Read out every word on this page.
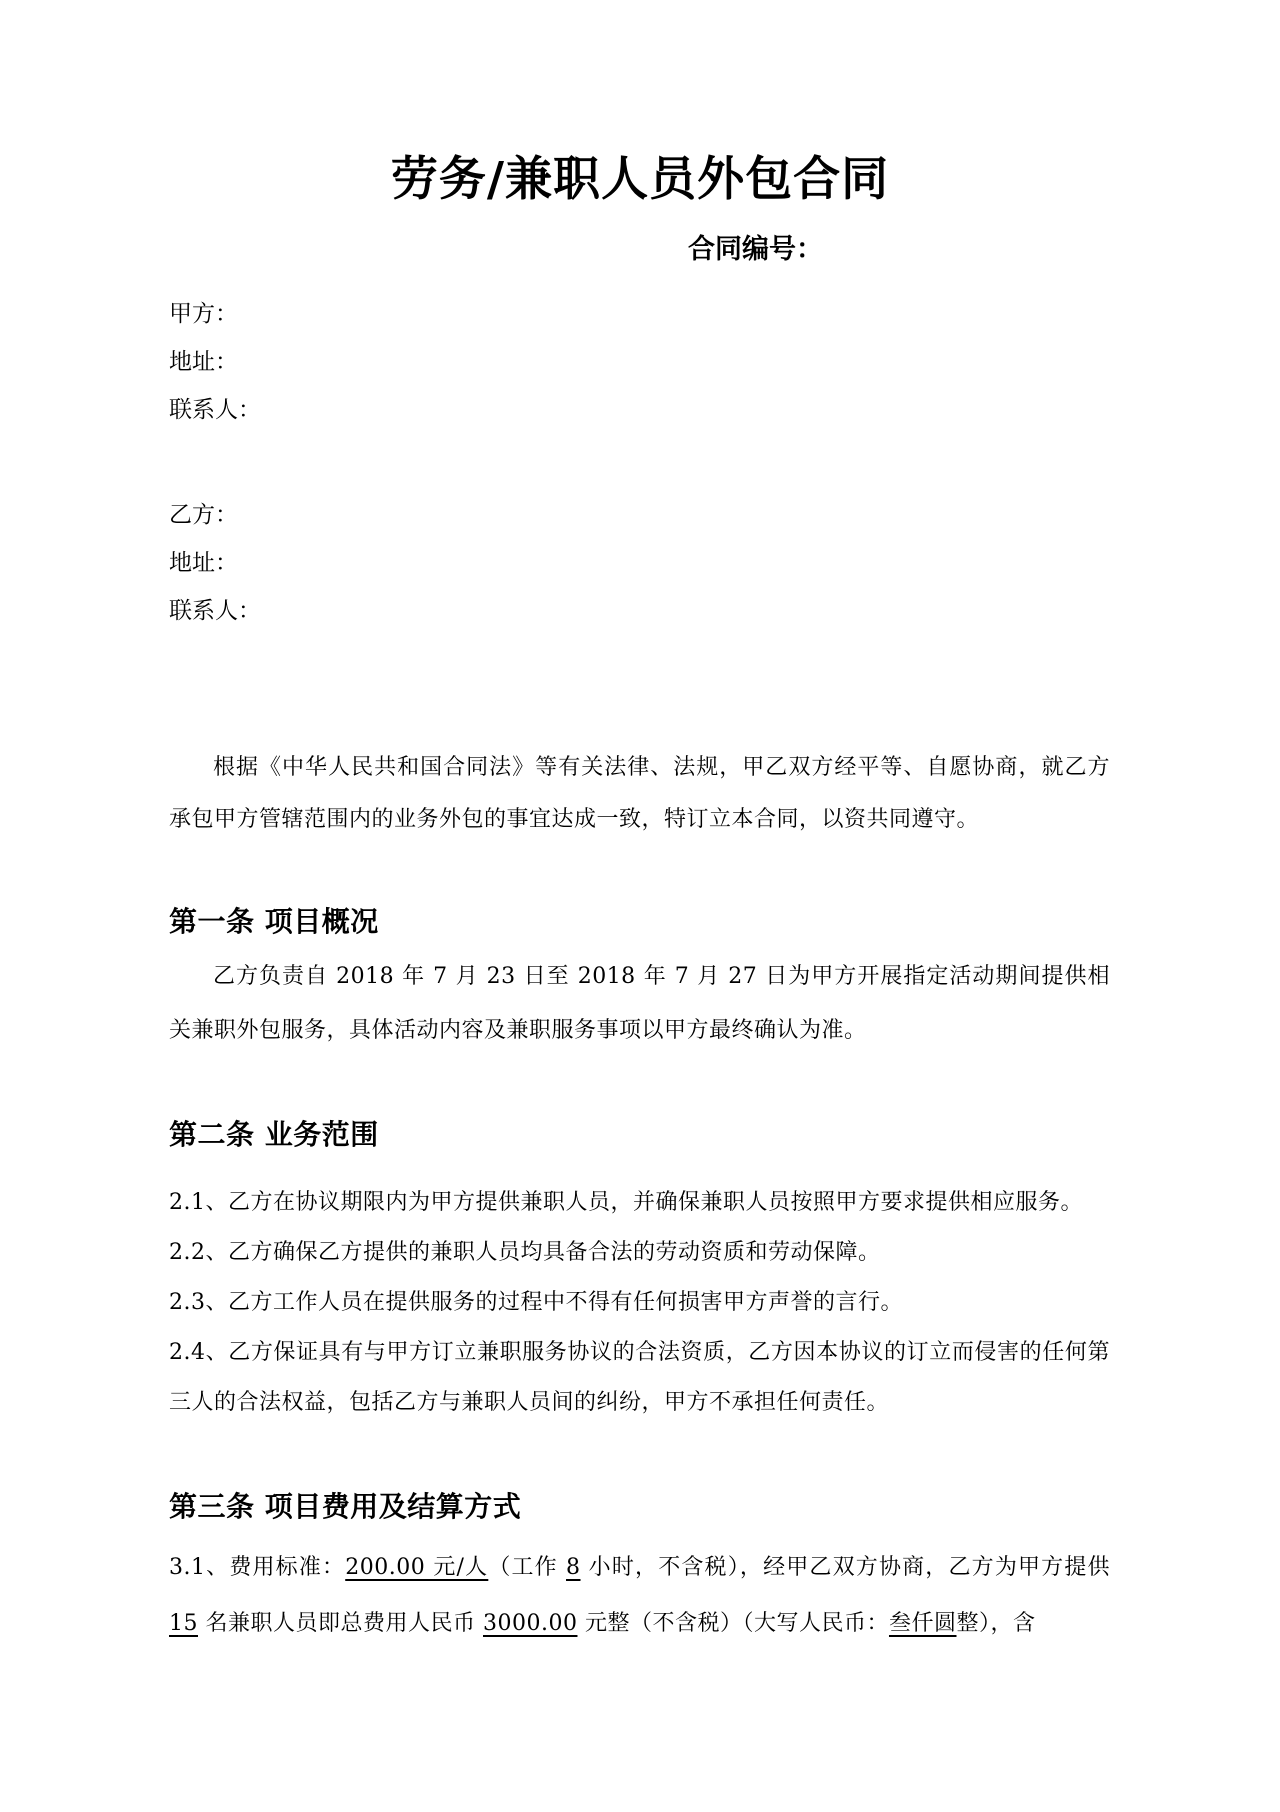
劳务/兼职人员外包合同
合同编号：
甲方：
地址：
联系人：
乙方：
地址：
联系人：

根据《中华人民共和国合同法》等有关法律、法规，甲乙双方经平等、自愿协商，就乙方承包甲方管辖范围内的业务外包的事宜达成一致，特订立本合同，以资共同遵守。

第一条 项目概况

乙方负责自 2018 年 7 月 23 日至 2018 年 7 月 27 日为甲方开展指定活动期间提供相关兼职外包服务，具体活动内容及兼职服务事项以甲方最终确认为准。

第二条 业务范围
2.1、乙方在协议期限内为甲方提供兼职人员，并确保兼职人员按照甲方要求提供相应服务。
2.2、乙方确保乙方提供的兼职人员均具备合法的劳动资质和劳动保障。
2.3、乙方工作人员在提供服务的过程中不得有任何损害甲方声誉的言行。
2.4、乙方保证具有与甲方订立兼职服务协议的合法资质，乙方因本协议的订立而侵害的任何第三人的合法权益，包括乙方与兼职人员间的纠纷，甲方不承担任何责任。
第三条 项目费用及结算方式

3.1、费用标准：200.00 元/人（工作 8 小时，不含税），经甲乙双方协商，乙方为甲方提供 15 名兼职人员即总费用人民币 3000.00 元整（不含税）（大写人民币：叁仟圆整），含
